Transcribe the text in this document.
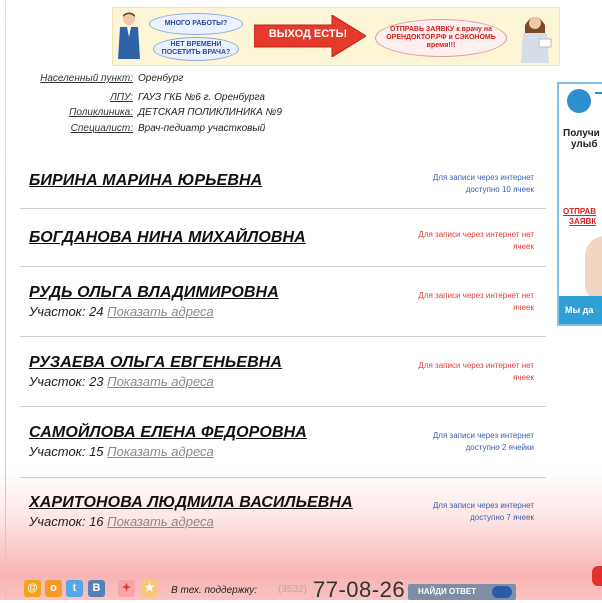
МНОГО РАБОТЫ?
НЕТ ВРЕМЕНИ ПОСЕТИТЬ ВРАЧА?
ВЫХОД ЕСТЬ!	ОТПРАВЬ ЗАЯВКУ к врачу на ОРЕНДОКТОР.РФ и СЭКОНОМЬ время!!!
Населенный пункт: Оренбург
ЛПУ: ГАУЗ ГКБ №6 г. Оренбурга
Поликлиника: ДЕТСКАЯ ПОЛИКЛИНИКА №9
Специалист: Врач-педиатр участковый
БИРИНА МАРИНА ЮРЬЕВНА	Для записи через интернет
доступно 10 ячеек
БОГДАНОВА НИНА МИХАЙЛОВНА	Для записи через интернет нет
ячеек
РУДЬ ОЛЬГА ВЛАДИМИРОВНА
Участок: 24 Показать адреса
Для записи через интернет нет
ячеек
РУЗАЕВА ОЛЬГА ЕВГЕНЬЕВНА
Участок: 23 Показать адреса
Для записи через интернет нет
ячеек
САМОЙЛОВА ЕЛЕНА ФЕДОРОВНА
Участок: 15 Показать адреса
Для записи через интернет
доступно 2 ячейки
ХАРИТОНОВА ЛЮДМИЛА ВАСИЛЬЕВНА
Участок: 16 Показать адреса
Для записи через интернет
доступно 7 ячеек
Получи
улыб
ОТПРАВ
ЗАЯВК
Мы да
@	o	t	B	✦	★	В тех. поддержку: (3532) 77-08-26	НАЙДИ ОТВЕТ
